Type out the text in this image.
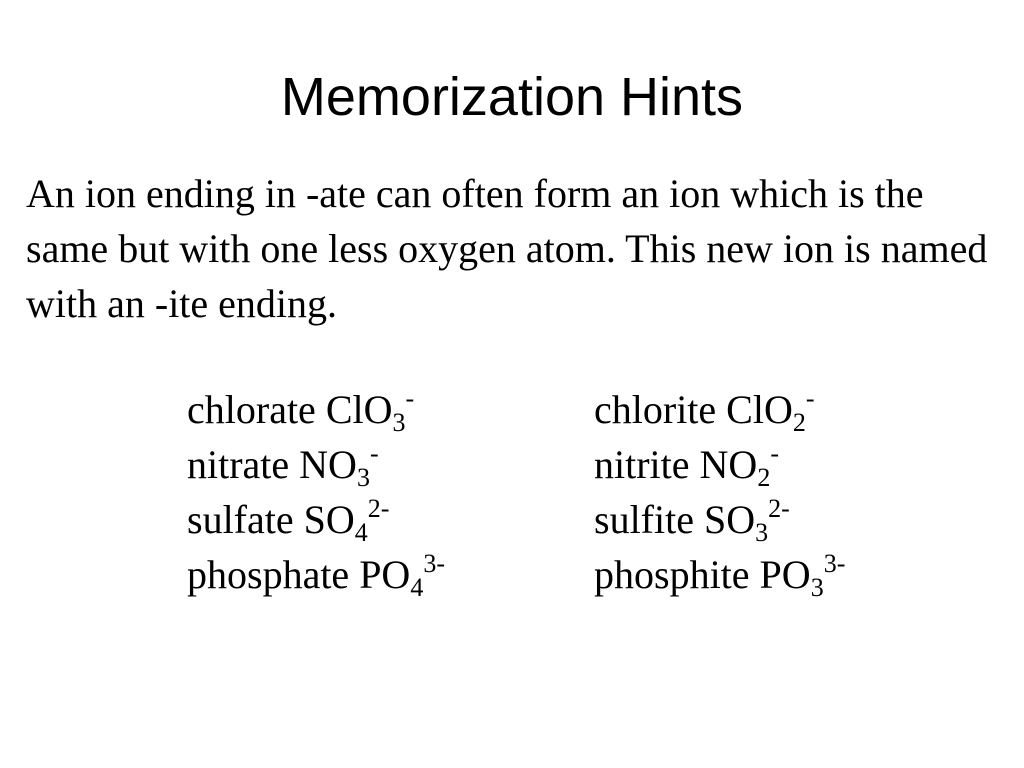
Memorization Hints

An ion ending in -ate can often form an ion which is the same but with one less oxygen atom. This new ion is named with an -ite ending.

chlorate ClO$_3$-
nitrate $NO_3^-$
sulfate $SO_4^{2-}$
phosphate $PO_4^{3-}$
chlorite ClO$_2$-
nitrite $NO_2^-$
sulfite $SO_3^{2-}$
phosphite $PO_3^{3-}$
